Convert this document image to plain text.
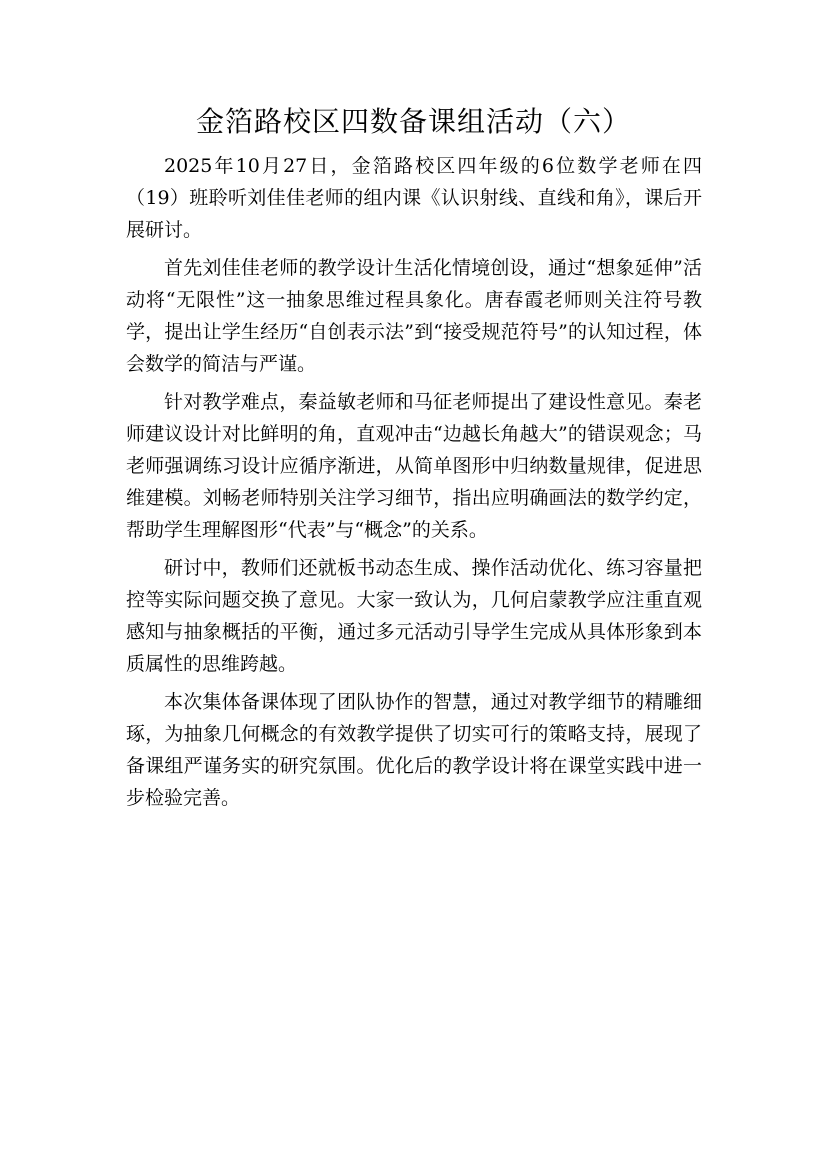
金箔路校区四数备课组活动（六）

2025年10月27日，金箔路校区四年级的6位数学老师在四（19）班聆听刘佳佳老师的组内课《认识射线、直线和角》，课后开展研讨。

首先刘佳佳老师的教学设计生活化情境创设，通过“想象延伸”活动将“无限性”这一抽象思维过程具象化。唐春霞老师则关注符号教学，提出让学生经历“自创表示法”到“接受规范符号”的认知过程，体会数学的简洁与严谨。

针对教学难点，秦益敏老师和马征老师提出了建设性意见。秦老师建议设计对比鲜明的角，直观冲击“边越长角越大”的错误观念；马老师强调练习设计应循序渐进，从简单图形中归纳数量规律，促进思维建模。刘畅老师特别关注学习细节，指出应明确画法的数学约定，帮助学生理解图形“代表”与“概念”的关系。

研讨中，教师们还就板书动态生成、操作活动优化、练习容量把控等实际问题交换了意见。大家一致认为，几何启蒙教学应注重直观感知与抽象概括的平衡，通过多元活动引导学生完成从具体形象到本质属性的思维跨越。

本次集体备课体现了团队协作的智慧，通过对教学细节的精雕细琢，为抽象几何概念的有效教学提供了切实可行的策略支持，展现了备课组严谨务实的研究氛围。优化后的教学设计将在课堂实践中进一步检验完善。
